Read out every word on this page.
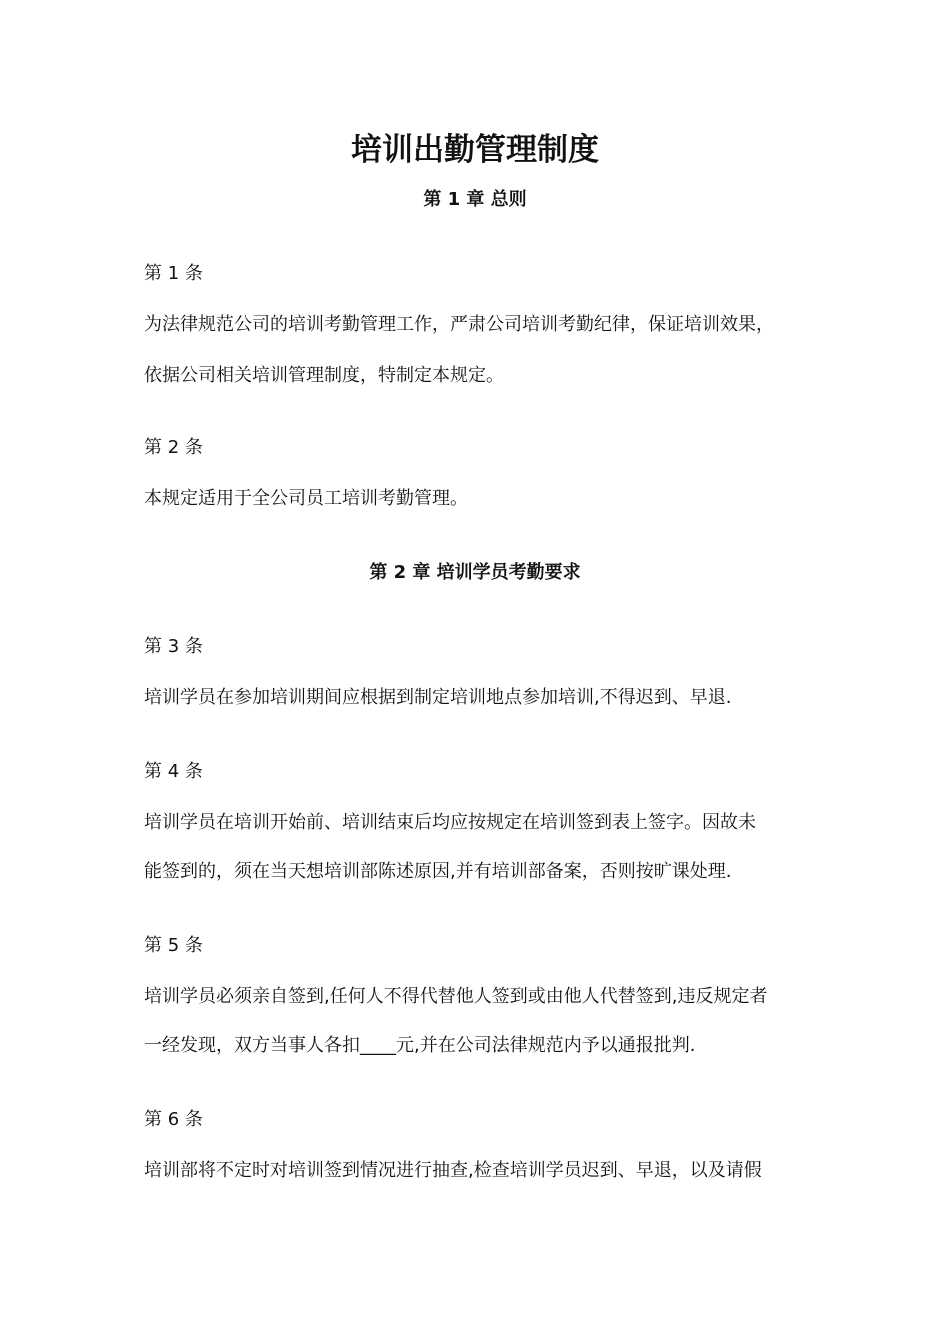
培训出勤管理制度
第 1 章 总则
第 1 条
为法律规范公司的培训考勤管理工作，严肃公司培训考勤纪律，保证培训效果，
依据公司相关培训管理制度，特制定本规定。
第 2 条
本规定适用于全公司员工培训考勤管理。
第 2 章 培训学员考勤要求
第 3 条
培训学员在参加培训期间应根据到制定培训地点参加培训,不得迟到、早退.
第 4 条
培训学员在培训开始前、培训结束后均应按规定在培训签到表上签字。因故未
能签到的，须在当天想培训部陈述原因,并有培训部备案，否则按旷课处理.
第 5 条
培训学员必须亲自签到,任何人不得代替他人签到或由他人代替签到,违反规定者
一经发现，双方当事人各扣____元,并在公司法律规范内予以通报批判.
第 6 条
培训部将不定时对培训签到情况进行抽查,检查培训学员迟到、早退，以及请假
